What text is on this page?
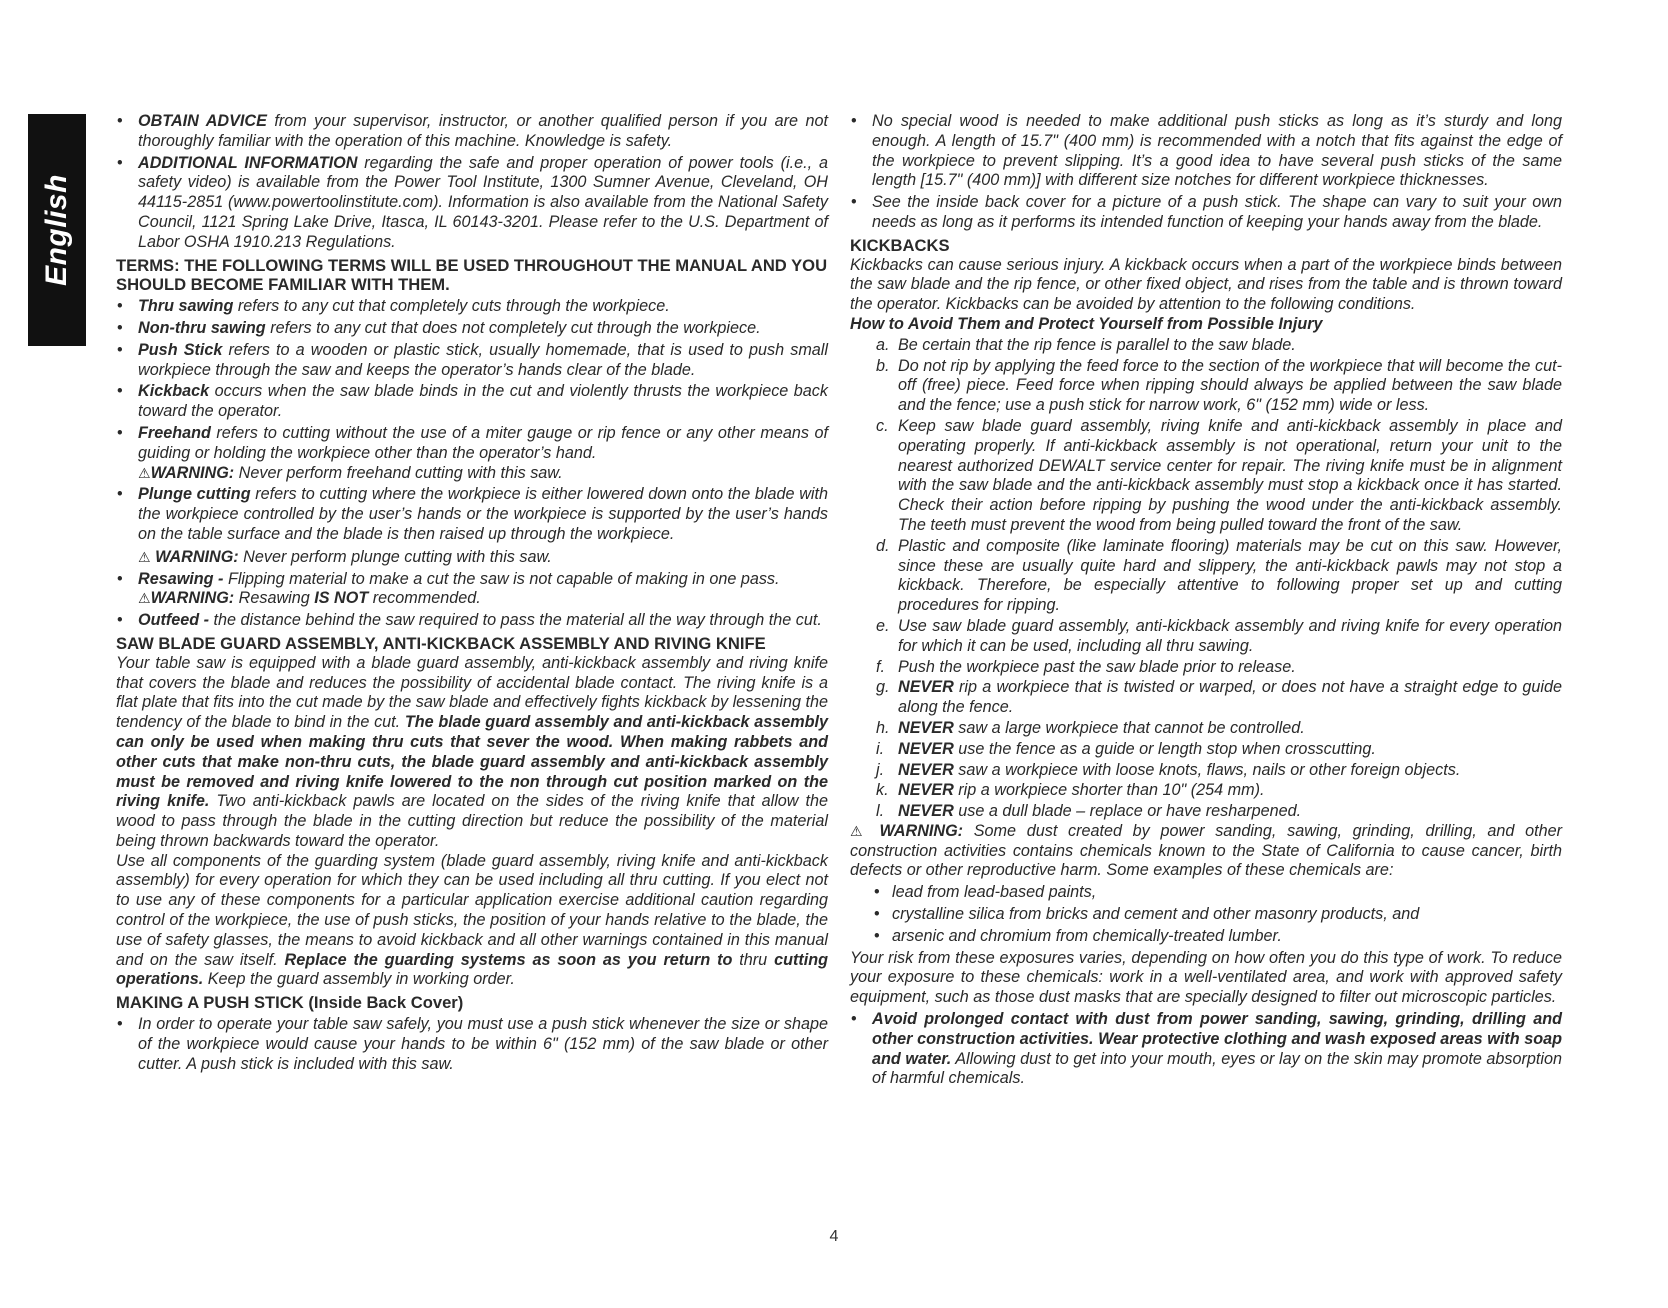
English
• OBTAIN ADVICE from your supervisor, instructor, or another qualified person if you are not thoroughly familiar with the operation of this machine. Knowledge is safety.
• ADDITIONAL INFORMATION regarding the safe and proper operation of power tools (i.e., a safety video) is available from the Power Tool Institute, 1300 Sumner Avenue, Cleveland, OH 44115-2851 (www.powertoolinstitute.com). Information is also available from the National Safety Council, 1121 Spring Lake Drive, Itasca, IL 60143-3201. Please refer to the U.S. Department of Labor OSHA 1910.213 Regulations.
TERMS: THE FOLLOWING TERMS WILL BE USED THROUGHOUT THE MANUAL AND YOU SHOULD BECOME FAMILIAR WITH THEM.
• Thru sawing refers to any cut that completely cuts through the workpiece.
• Non-thru sawing refers to any cut that does not completely cut through the workpiece.
• Push Stick refers to a wooden or plastic stick, usually homemade, that is used to push small workpiece through the saw and keeps the operator’s hands clear of the blade.
• Kickback occurs when the saw blade binds in the cut and violently thrusts the workpiece back toward the operator.
• Freehand refers to cutting without the use of a miter gauge or rip fence or any other means of guiding or holding the workpiece other than the operator’s hand.
⚠WARNING: Never perform freehand cutting with this saw.
• Plunge cutting refers to cutting where the workpiece is either lowered down onto the blade with the workpiece controlled by the user’s hands or the workpiece is supported by the user’s hands on the table surface and the blade is then raised up through the workpiece.
⚠ WARNING: Never perform plunge cutting with this saw.
• Resawing - Flipping material to make a cut the saw is not capable of making in one pass.
⚠WARNING: Resawing IS NOT recommended.
• Outfeed - the distance behind the saw required to pass the material all the way through the cut.
SAW BLADE GUARD ASSEMBLY, ANTI-KICKBACK ASSEMBLY AND RIVING KNIFE

Your table saw is equipped with a blade guard assembly, anti-kickback assembly and riving knife that covers the blade and reduces the possibility of accidental blade contact. The riving knife is a flat plate that fits into the cut made by the saw blade and effectively fights kickback by lessening the tendency of the blade to bind in the cut. The blade guard assembly and anti-kickback assembly can only be used when making thru cuts that sever the wood. When making rabbets and other cuts that make non-thru cuts, the blade guard assembly and anti-kickback assembly must be removed and riving knife lowered to the non through cut position marked on the riving knife. Two anti-kickback pawls are located on the sides of the riving knife that allow the wood to pass through the blade in the cutting direction but reduce the possibility of the material being thrown backwards toward the operator.

Use all components of the guarding system (blade guard assembly, riving knife and anti-kickback assembly) for every operation for which they can be used including all thru cutting. If you elect not to use any of these components for a particular application exercise additional caution regarding control of the workpiece, the use of push sticks, the position of your hands relative to the blade, the use of safety glasses, the means to avoid kickback and all other warnings contained in this manual and on the saw itself. Replace the guarding systems as soon as you return to thru cutting operations. Keep the guard assembly in working order.

MAKING A PUSH STICK (Inside Back Cover)
• In order to operate your table saw safely, you must use a push stick whenever the size or shape of the workpiece would cause your hands to be within 6" (152 mm) of the saw blade or other cutter. A push stick is included with this saw.
• No special wood is needed to make additional push sticks as long as it’s sturdy and long enough. A length of 15.7" (400 mm) is recommended with a notch that fits against the edge of the workpiece to prevent slipping. It’s a good idea to have several push sticks of the same length [15.7" (400 mm)] with different size notches for different workpiece thicknesses.
• See the inside back cover for a picture of a push stick. The shape can vary to suit your own needs as long as it performs its intended function of keeping your hands away from the blade.
KICKBACKS

Kickbacks can cause serious injury. A kickback occurs when a part of the workpiece binds between the saw blade and the rip fence, or other fixed object, and rises from the table and is thrown toward the operator. Kickbacks can be avoided by attention to the following conditions.

How to Avoid Them and Protect Yourself from Possible Injury

a. Be certain that the rip fence is parallel to the saw blade.
b. Do not rip by applying the feed force to the section of the workpiece that will become the cut-off (free) piece. Feed force when ripping should always be applied between the saw blade and the fence; use a push stick for narrow work, 6" (152 mm) wide or less.
c. Keep saw blade guard assembly, riving knife and anti-kickback assembly in place and operating properly. If anti-kickback assembly is not operational, return your unit to the nearest authorized DEWALT service center for repair. The riving knife must be in alignment with the saw blade and the anti-kickback assembly must stop a kickback once it has started. Check their action before ripping by pushing the wood under the anti-kickback assembly. The teeth must prevent the wood from being pulled toward the front of the saw.
d. Plastic and composite (like laminate flooring) materials may be cut on this saw. However, since these are usually quite hard and slippery, the anti-kickback pawls may not stop a kickback. Therefore, be especially attentive to following proper set up and cutting procedures for ripping.
e. Use saw blade guard assembly, anti-kickback assembly and riving knife for every operation for which it can be used, including all thru sawing.
f. Push the workpiece past the saw blade prior to release.
g. NEVER rip a workpiece that is twisted or warped, or does not have a straight edge to guide along the fence.
h. NEVER saw a large workpiece that cannot be controlled.
i. NEVER use the fence as a guide or length stop when crosscutting.
j. NEVER saw a workpiece with loose knots, flaws, nails or other foreign objects.
k. NEVER rip a workpiece shorter than 10" (254 mm).
l. NEVER use a dull blade – replace or have resharpened.

⚠ WARNING: Some dust created by power sanding, sawing, grinding, drilling, and other construction activities contains chemicals known to the State of California to cause cancer, birth defects or other reproductive harm. Some examples of these chemicals are:

• lead from lead-based paints,
• crystalline silica from bricks and cement and other masonry products, and
• arsenic and chromium from chemically-treated lumber.

Your risk from these exposures varies, depending on how often you do this type of work. To reduce your exposure to these chemicals: work in a well-ventilated area, and work with approved safety equipment, such as those dust masks that are specially designed to filter out microscopic particles.

• Avoid prolonged contact with dust from power sanding, sawing, grinding, drilling and other construction activities. Wear protective clothing and wash exposed areas with soap and water. Allowing dust to get into your mouth, eyes or lay on the skin may promote absorption of harmful chemicals.
4
